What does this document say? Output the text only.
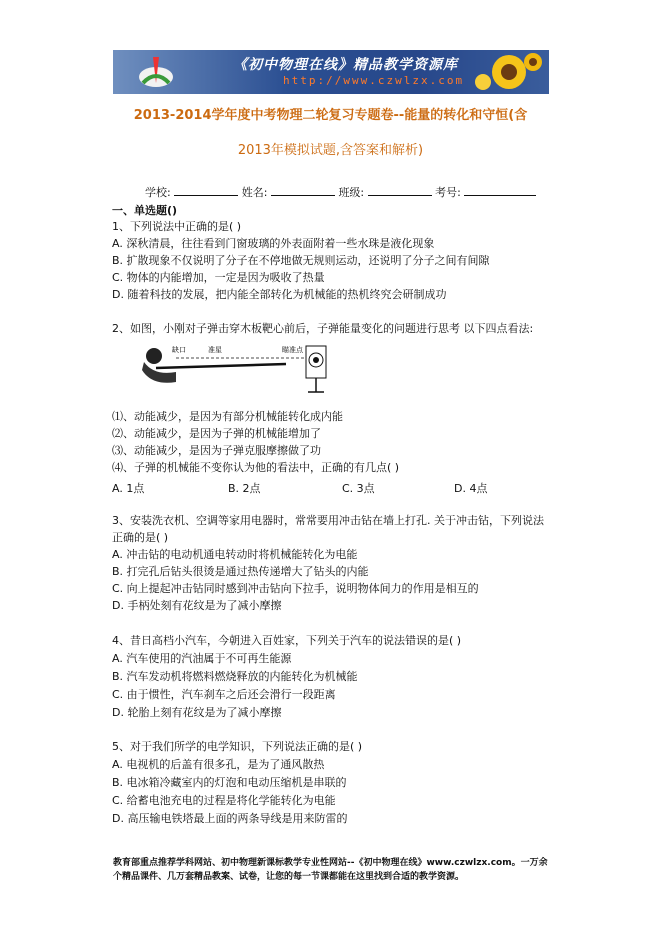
《初中物理在线》精品教学资源库
http://www.czwlzx.com
2013-2014学年度中考物理二轮复习专题卷--能量的转化和守恒(含
2013年模拟试题,含答案和解析)
学校:	姓名:	班级:	考号:
一、单选题()
1、下列说法中正确的是( )
A. 深秋清晨，往往看到门窗玻璃的外表面附着一些水珠是液化现象
B. 扩散现象不仅说明了分子在不停地做无规则运动，还说明了分子之间有间隙
C. 物体的内能增加，一定是因为吸收了热量
D. 随着科技的发展，把内能全部转化为机械能的热机终究会研制成功
2、如图，小刚对子弹击穿木板靶心前后，子弹能量变化的问题进行思考 以下四点看法:
缺口	准星	瞄准点
⑴、动能减少，是因为有部分机械能转化成内能
⑵、动能减少，是因为子弹的机械能增加了
⑶、动能减少，是因为子弹克服摩擦做了功
⑷、子弹的机械能不变你认为他的看法中，正确的有几点( )
A. 1点	B. 2点	C. 3点	D. 4点
3、安装洗衣机、空调等家用电器时，常常要用冲击钻在墙上打孔. 关于冲击钻，下列说法
正确的是( )
A. 冲击钻的电动机通电转动时将机械能转化为电能
B. 打完孔后钻头很烫是通过热传递增大了钻头的内能
C. 向上提起冲击钻同时感到冲击钻向下拉手，说明物体间力的作用是相互的
D. 手柄处刻有花纹是为了减小摩擦
4、昔日高档小汽车，今朝进入百姓家，下列关于汽车的说法错误的是( )
A. 汽车使用的汽油属于不可再生能源
B. 汽车发动机将燃料燃烧释放的内能转化为机械能
C. 由于惯性，汽车刹车之后还会滑行一段距离
D. 轮胎上刻有花纹是为了减小摩擦
5、对于我们所学的电学知识，下列说法正确的是( )
A. 电视机的后盖有很多孔，是为了通风散热
B. 电冰箱冷藏室内的灯泡和电动压缩机是串联的
C. 给蓄电池充电的过程是将化学能转化为电能
D. 高压输电铁塔最上面的两条导线是用来防雷的
教育部重点推荐学科网站、初中物理新课标教学专业性网站--《初中物理在线》www.czwlzx.com。一万余
个精品课件、几万套精品教案、试卷，让您的每一节课都能在这里找到合适的教学资源。
